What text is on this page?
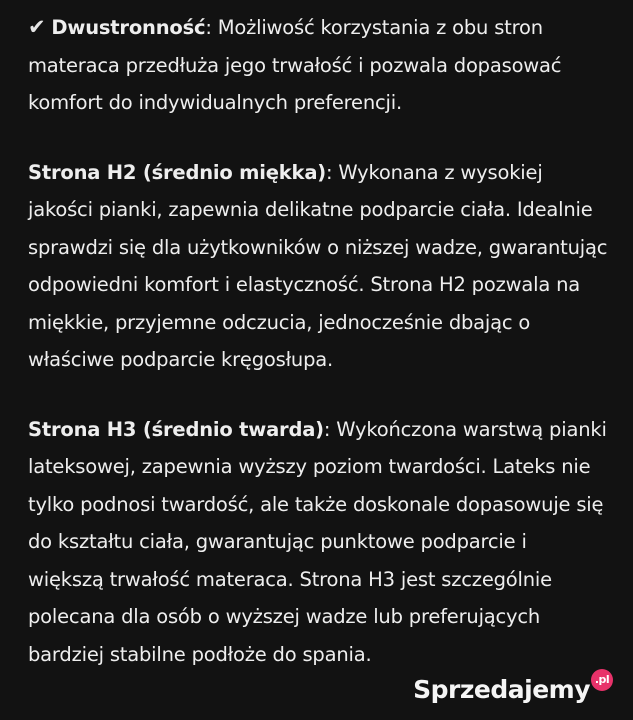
✔ Dwustronność: Możliwość korzystania z obu stron materaca przedłuża jego trwałość i pozwala dopasować komfort do indywidualnych preferencji.

Strona H2 (średnio miękka): Wykonana z wysokiej jakości pianki, zapewnia delikatne podparcie ciała. Idealnie sprawdzi się dla użytkowników o niższej wadze, gwarantując odpowiedni komfort i elastyczność. Strona H2 pozwala na miękkie, przyjemne odczucia, jednocześnie dbając o właściwe podparcie kręgosłupa.

Strona H3 (średnio twarda): Wykończona warstwą pianki lateksowej, zapewnia wyższy poziom twardości. Lateks nie tylko podnosi twardość, ale także doskonale dopasowuje się do kształtu ciała, gwarantując punktowe podparcie i większą trwałość materaca. Strona H3 jest szczególnie polecana dla osób o wyższej wadze lub preferujących bardziej stabilne podłoże do spania.

Sprzedajemy .pl
